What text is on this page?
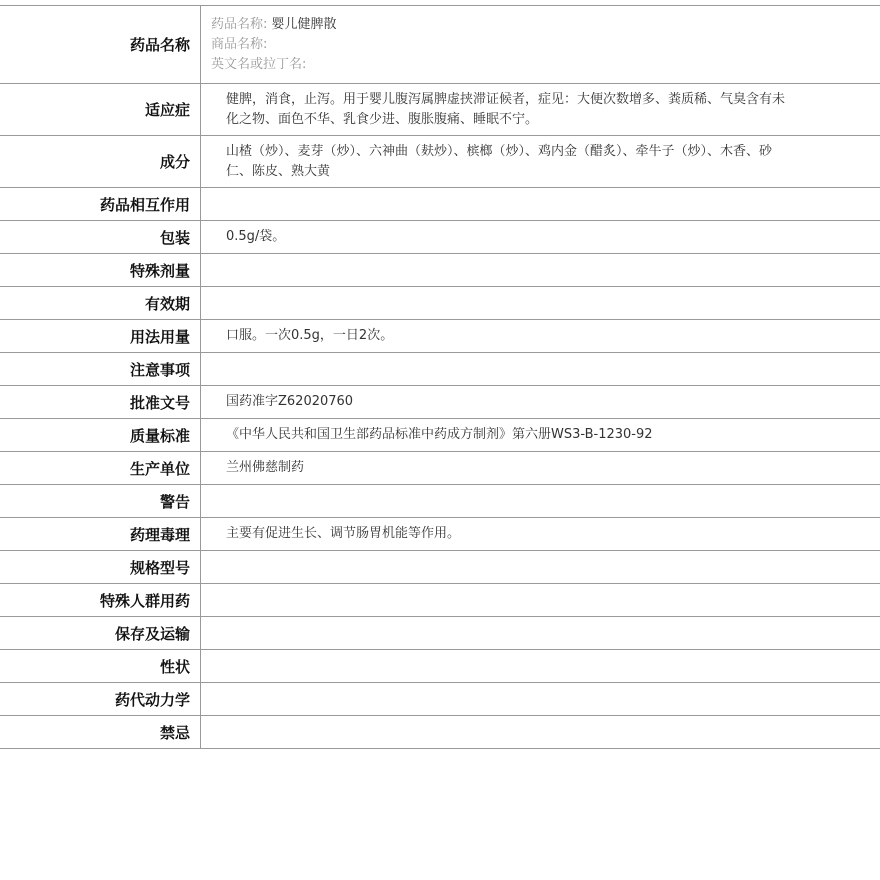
药品名称	药品名称: 婴儿健脾散
商品名称:
英文名或拉丁名:

适应症	健脾，消食，止泻。用于婴儿腹泻属脾虚挟滞证候者，症见：大便次数增多、粪质稀、气臭含有未化之物、面色不华、乳食少进、腹胀腹痛、睡眠不宁。
成分	山楂（炒）、麦芽（炒）、六神曲（麸炒）、槟榔（炒）、鸡内金（醋炙）、牵牛子（炒）、木香、砂仁、陈皮、熟大黄
药品相互作用	
包装	0.5g/袋。
特殊剂量	
有效期	
用法用量	口服。一次0.5g，一日2次。
注意事项	
批准文号	国药准字Z62020760
质量标准	《中华人民共和国卫生部药品标准中药成方制剂》第六册WS3-B-1230-92
生产单位	兰州佛慈制药
警告	
药理毒理	主要有促进生长、调节肠胃机能等作用。
规格型号	
特殊人群用药	
保存及运输	
性状	
药代动力学	
禁忌	
